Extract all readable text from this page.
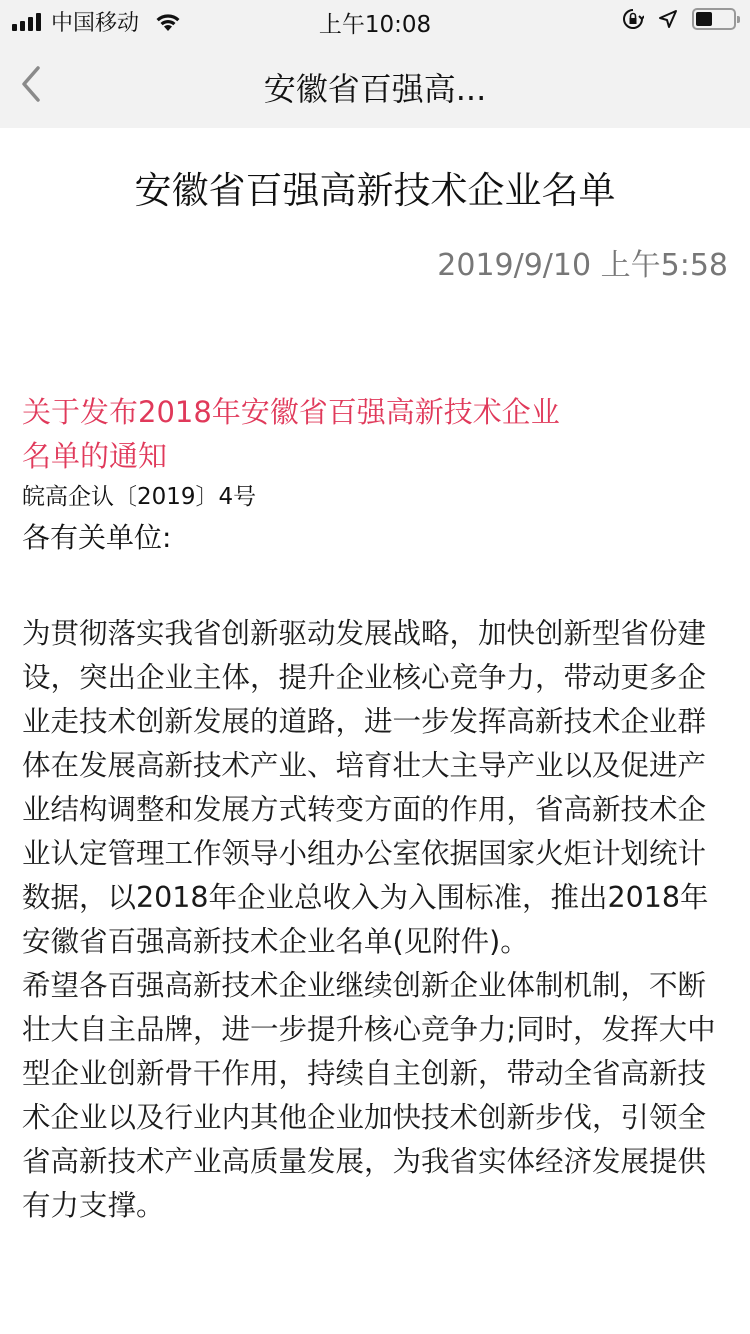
中国移动	上午10:08
安徽省百强高...
安徽省百强高新技术企业名单
2019/9/10 上午5:58
关于发布2018年安徽省百强高新技术企业
名单的通知
皖高企认〔2019〕4号
各有关单位:

为贯彻落实我省创新驱动发展战略，加快创新型省份建设，突出企业主体，提升企业核心竞争力，带动更多企业走技术创新发展的道路，进一步发挥高新技术企业群体在发展高新技术产业、培育壮大主导产业以及促进产业结构调整和发展方式转变方面的作用，省高新技术企业认定管理工作领导小组办公室依据国家火炬计划统计数据，以2018年企业总收入为入围标准，推出2018年安徽省百强高新技术企业名单(见附件)。

希望各百强高新技术企业继续创新企业体制机制，不断壮大自主品牌，进一步提升核心竞争力;同时，发挥大中型企业创新骨干作用，持续自主创新，带动全省高新技术企业以及行业内其他企业加快技术创新步伐，引领全省高新技术产业高质量发展，为我省实体经济发展提供有力支撑。
